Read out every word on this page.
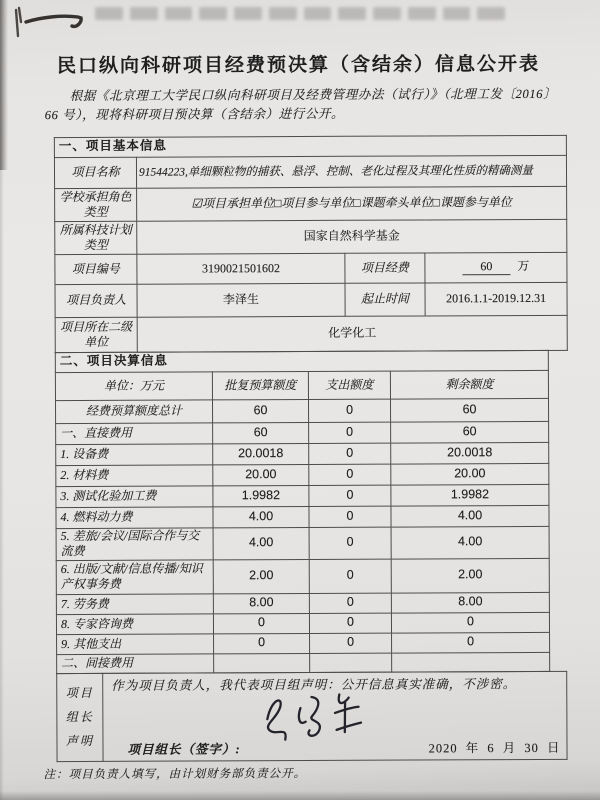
民口纵向科研项目经费预决算（含结余）信息公开表
根据《北京理工大学民口纵向科研项目及经费管理办法（试行）》（北理工发〔2016〕66 号），现将科研项目预决算（含结余）进行公开。
一、项目基本信息			
项目名称	91544223,单细颗粒物的捕获、悬浮、控制、老化过程及其理化性质的精确测量		
学校承担角色类型	☑项目承担单位□项目参与单位□课题牵头单位□课题参与单位		
所属科技计划类型	国家自然科学基金		
项目编号	3190021501602	项目经费	60 万
项目负责人	李泽生	起止时间	2016.1.1-2019.12.31
项目所在二级单位	化学化工		
二、项目决算信息			
单位：万元	批复预算额度	支出额度	剩余额度
经费预算额度总计	60	0	60
一、直接费用	60	0	60
1. 设备费	20.0018	0	20.0018
2. 材料费	20.00	0	20.00
3. 测试化验加工费	1.9982	0	1.9982
4. 燃料动力费	4.00	0	4.00
5. 差旅/会议/国际合作与交流费	4.00	0	4.00
6. 出版/文献/信息传播/知识产权事务费	2.00	0	2.00
7. 劳务费	8.00	0	8.00
8. 专家咨询费	0	0	0
9. 其他支出	0	0	0
二、间接费用			
项目组长声明	
作为项目负责人，我代表项目组声明：公开信息真实准确，不涉密。
项目组长（签字）:	2020 年 6 月 30 日
注：项目负责人填写，由计划财务部负责公开。
